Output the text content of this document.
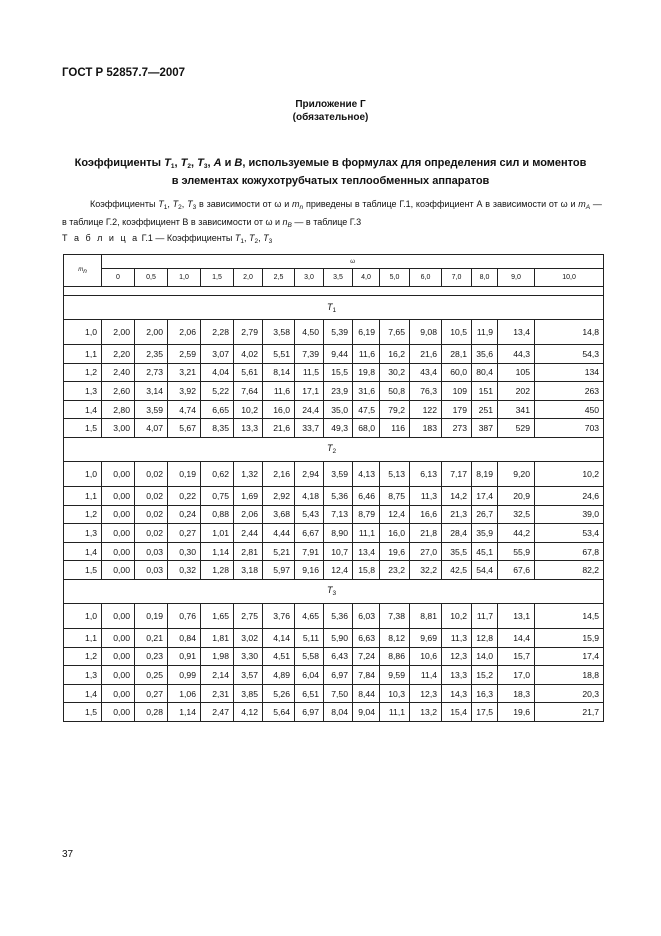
ГОСТ Р 52857.7—2007
Приложение Г
(обязательное)
Коэффициенты $T_1$, $T_2$, $T_3$, A и B, используемые в формулах для определения сил и моментов
в элементах кожухотрубчатых теплообменных аппаратов
Коэффициенты $T_1$, $T_2$, $T_3$ в зависимости от ω и $m_n$ приведены в таблице Г.1, коэффициент А в зависимости от ω и $m_A$ — в таблице Г.2, коэффициент В в зависимости от ω и $n_B$ — в таблице Г.3
Т а б л и ц а Г.1 — Коэффициенты $T_1$, $T_2$, $T_3$
$m_n$	ω														
	0	0,5	1,0	1,5	2,0	2,5	3,0	3,5	4,0	5,0	6,0	7,0	8,0	9,0	10,0

$T_1$
1,0	2,00	2,00	2,06	2,28	2,79	3,58	4,50	5,39	6,19	7,65	9,08	10,5	11,9	13,4	14,8
1,1	2,20	2,35	2,59	3,07	4,02	5,51	7,39	9,44	11,6	16,2	21,6	28,1	35,6	44,3	54,3
1,2	2,40	2,73	3,21	4,04	5,61	8,14	11,5	15,5	19,8	30,2	43,4	60,0	80,4	105	134
1,3	2,60	3,14	3,92	5,22	7,64	11,6	17,1	23,9	31,6	50,8	76,3	109	151	202	263
1,4	2,80	3,59	4,74	6,65	10,2	16,0	24,4	35,0	47,5	79,2	122	179	251	341	450
1,5	3,00	4,07	5,67	8,35	13,3	21,6	33,7	49,3	68,0	116	183	273	387	529	703
$T_2$
1,0	0,00	0,02	0,19	0,62	1,32	2,16	2,94	3,59	4,13	5,13	6,13	7,17	8,19	9,20	10,2
1,1	0,00	0,02	0,22	0,75	1,69	2,92	4,18	5,36	6,46	8,75	11,3	14,2	17,4	20,9	24,6
1,2	0,00	0,02	0,24	0,88	2,06	3,68	5,43	7,13	8,79	12,4	16,6	21,3	26,7	32,5	39,0
1,3	0,00	0,02	0,27	1,01	2,44	4,44	6,67	8,90	11,1	16,0	21,8	28,4	35,9	44,2	53,4
1,4	0,00	0,03	0,30	1,14	2,81	5,21	7,91	10,7	13,4	19,6	27,0	35,5	45,1	55,9	67,8
1,5	0,00	0,03	0,32	1,28	3,18	5,97	9,16	12,4	15,8	23,2	32,2	42,5	54,4	67,6	82,2
$T_3$
1,0	0,00	0,19	0,76	1,65	2,75	3,76	4,65	5,36	6,03	7,38	8,81	10,2	11,7	13,1	14,5
1,1	0,00	0,21	0,84	1,81	3,02	4,14	5,11	5,90	6,63	8,12	9,69	11,3	12,8	14,4	15,9
1,2	0,00	0,23	0,91	1,98	3,30	4,51	5,58	6,43	7,24	8,86	10,6	12,3	14,0	15,7	17,4
1,3	0,00	0,25	0,99	2,14	3,57	4,89	6,04	6,97	7,84	9,59	11,4	13,3	15,2	17,0	18,8
1,4	0,00	0,27	1,06	2,31	3,85	5,26	6,51	7,50	8,44	10,3	12,3	14,3	16,3	18,3	20,3
1,5	0,00	0,28	1,14	2,47	4,12	5,64	6,97	8,04	9,04	11,1	13,2	15,4	17,5	19,6	21,7
37
